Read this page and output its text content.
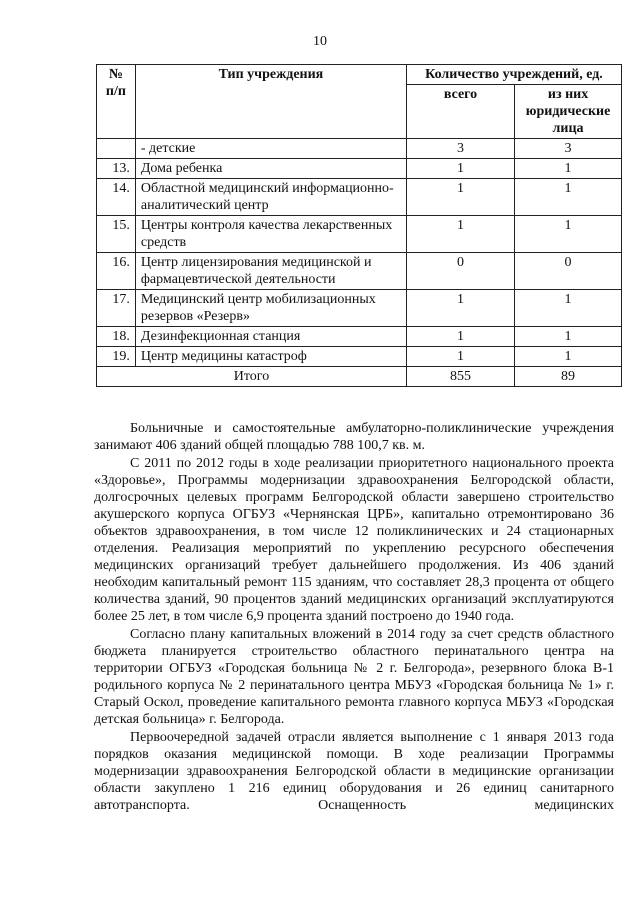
10
№ п/п	Тип учреждения	Количество учреждений, ед.	
		всего	из них юридические лица
	- детские	3	3
13.	Дома ребенка	1	1
14.	Областной медицинский информационно-аналитический центр	1	1
15.	Центры контроля качества лекарственных средств	1	1
16.	Центр лицензирования медицинской и фармацевтической деятельности	0	0
17.	Медицинский центр мобилизационных резервов «Резерв»	1	1
18.	Дезинфекционная станция	1	1
19.	Центр медицины катастроф	1	1
Итого		855	89

Больничные и самостоятельные амбулаторно-поликлинические учреждения занимают 406 зданий общей площадью 788 100,7 кв. м.

С 2011 по 2012 годы в ходе реализации приоритетного национального проекта «Здоровье», Программы модернизации здравоохранения Белгородской области, долгосрочных целевых программ Белгородской области завершено строительство акушерского корпуса ОГБУЗ «Чернянская ЦРБ», капитально отремонтировано 36 объектов здравоохранения, в том числе 12 поликлинических и 24 стационарных отделения. Реализация мероприятий по укреплению ресурсного обеспечения медицинских организаций требует дальнейшего продолжения. Из 406 зданий необходим капитальный ремонт 115 зданиям, что составляет 28,3 процента от общего количества зданий, 90 процентов зданий медицинских организаций эксплуатируются более 25 лет, в том числе 6,9 процента зданий построено до 1940 года.

Согласно плану капитальных вложений в 2014 году за счет средств областного бюджета планируется строительство областного перинатального центра на территории ОГБУЗ «Городская больница № 2 г. Белгорода», резервного блока В-1 родильного корпуса № 2 перинатального центра МБУЗ «Городская больница № 1» г. Старый Оскол, проведение капитального ремонта главного корпуса МБУЗ «Городская детская больница» г. Белгорода.

Первоочередной задачей отрасли является выполнение с 1 января 2013 года порядков оказания медицинской помощи. В ходе реализации Программы модернизации здравоохранения Белгородской области в медицинские организации области закуплено 1 216 единиц оборудования и 26 единиц санитарного автотранспорта. Оснащенность медицинских
